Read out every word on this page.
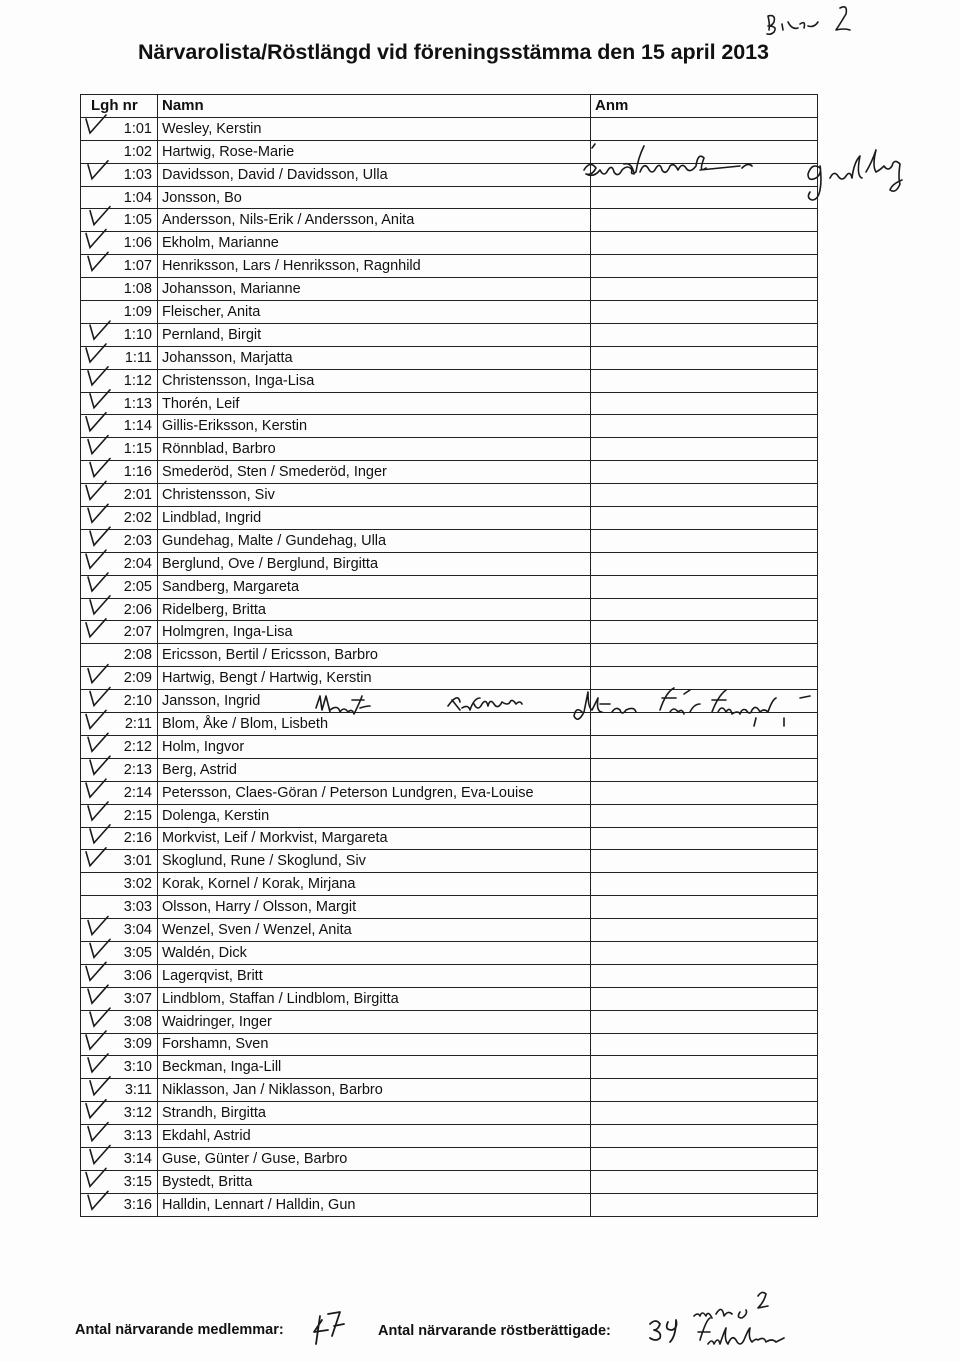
Närvarolista/Röstlängd vid föreningsstämma den 15 april 2013
Lgh nr	Namn	Anm
1:01	Wesley, Kerstin	
1:02	Hartwig, Rose-Marie	
1:03	Davidsson, David / Davidsson, Ulla	
1:04	Jonsson, Bo	
1:05	Andersson, Nils-Erik / Andersson, Anita	
1:06	Ekholm, Marianne	
1:07	Henriksson, Lars / Henriksson, Ragnhild	
1:08	Johansson, Marianne	
1:09	Fleischer, Anita	
1:10	Pernland, Birgit	
1:11	Johansson, Marjatta	
1:12	Christensson, Inga-Lisa	
1:13	Thorén, Leif	
1:14	Gillis-Eriksson, Kerstin	
1:15	Rönnblad, Barbro	
1:16	Smederöd, Sten / Smederöd, Inger	
2:01	Christensson, Siv	
2:02	Lindblad, Ingrid	
2:03	Gundehag, Malte / Gundehag, Ulla	
2:04	Berglund, Ove / Berglund, Birgitta	
2:05	Sandberg, Margareta	
2:06	Ridelberg, Britta	
2:07	Holmgren, Inga-Lisa	
2:08	Ericsson, Bertil / Ericsson, Barbro	
2:09	Hartwig, Bengt / Hartwig, Kerstin	
2:10	Jansson, Ingrid	
2:11	Blom, Åke / Blom, Lisbeth	
2:12	Holm, Ingvor	
2:13	Berg, Astrid	
2:14	Petersson, Claes-Göran / Peterson Lundgren, Eva-Louise	
2:15	Dolenga, Kerstin	
2:16	Morkvist, Leif / Morkvist, Margareta	
3:01	Skoglund, Rune / Skoglund, Siv	
3:02	Korak, Kornel / Korak, Mirjana	
3:03	Olsson, Harry / Olsson, Margit	
3:04	Wenzel, Sven / Wenzel, Anita	
3:05	Waldén, Dick	
3:06	Lagerqvist, Britt	
3:07	Lindblom, Staffan / Lindblom, Birgitta	
3:08	Waidringer, Inger	
3:09	Forshamn, Sven	
3:10	Beckman, Inga-Lill	
3:11	Niklasson, Jan / Niklasson, Barbro	
3:12	Strandh, Birgitta	
3:13	Ekdahl, Astrid	
3:14	Guse, Günter / Guse, Barbro	
3:15	Bystedt, Britta	
3:16	Halldin, Lennart / Halldin, Gun	
Antal närvarande medlemmar:	Antal närvarande röstberättigade:
